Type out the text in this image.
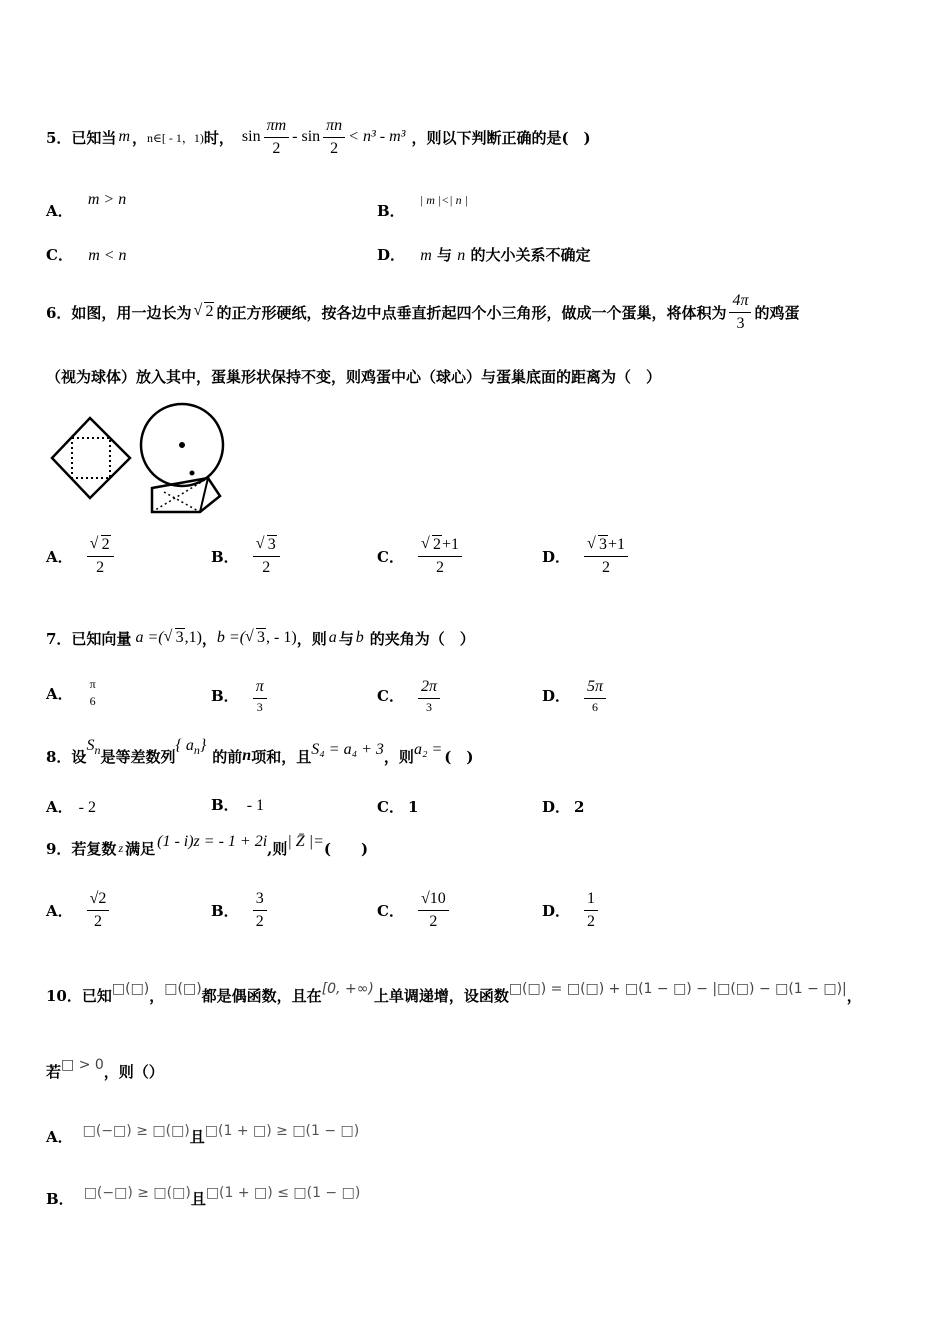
5．已知当 m ， n∈[ - 1，1) 时， $\sin \frac{\pi m}{2} - \sin \frac{\pi n}{2} < n^3 - m^3$ ，则以下判断正确的是(　)
A． m > n
B． | m |<| n |
C． m < n	D． m 与 n 的大小关系不确定
6．如图，用一边长为 √ 2 的正方形硬纸，按各边中点垂直折起四个小三角形，做成一个蛋巢，将体积为 $\frac{4\pi}{3}$ 的鸡蛋
（视为球体）放入其中，蛋巢形状保持不变，则鸡蛋中心（球心）与蛋巢底面的距离为（　）
A． √ $\frac{2}{2}$	B． √ $\frac{3}{2}$	C． √ $\frac{2+1}{2}$	D． √ $\frac{3+1}{2}$
7．已知向量 a =( √ 3,1) ， b =( √ 3, - 1) ，则 a 与 b 的夹角为（　）
A．
π
6	B． $\frac{\pi}{3}$	C． $\frac{2\pi}{3}$	D． $\frac{5\pi}{6}$
8．设
$S_n$ 是等差数列
{ $a_n$}
的前 n 项和，且 S₄ = a₄ + 3 ，则 a₂ = (　)
A． - 2	B． - 1	C． 1	D． 2
9．若复数 z 满足 (1 - i)z = - 1 + 2i ,则 | Z̄ |= (　　)
A． $\frac{√2}{2}$	B． $\frac{3}{2}$	C． $\frac{√10}{2}$	D． $\frac{1}{2}$
10．已知 □(□) ， □(□) 都是偶函数，且在 [0, +∞) 上单调递增，设函数 □(□) = □(□) + □(1 − □) − |□(□) − □(1 − □)| ，
若 □ > 0 ，则（）
A． □(−□) ≥ □(□) 且 □(1 + □) ≥ □(1 − □)
B． □(−□) ≥ □(□) 且 □(1 + □) ≤ □(1 − □)
